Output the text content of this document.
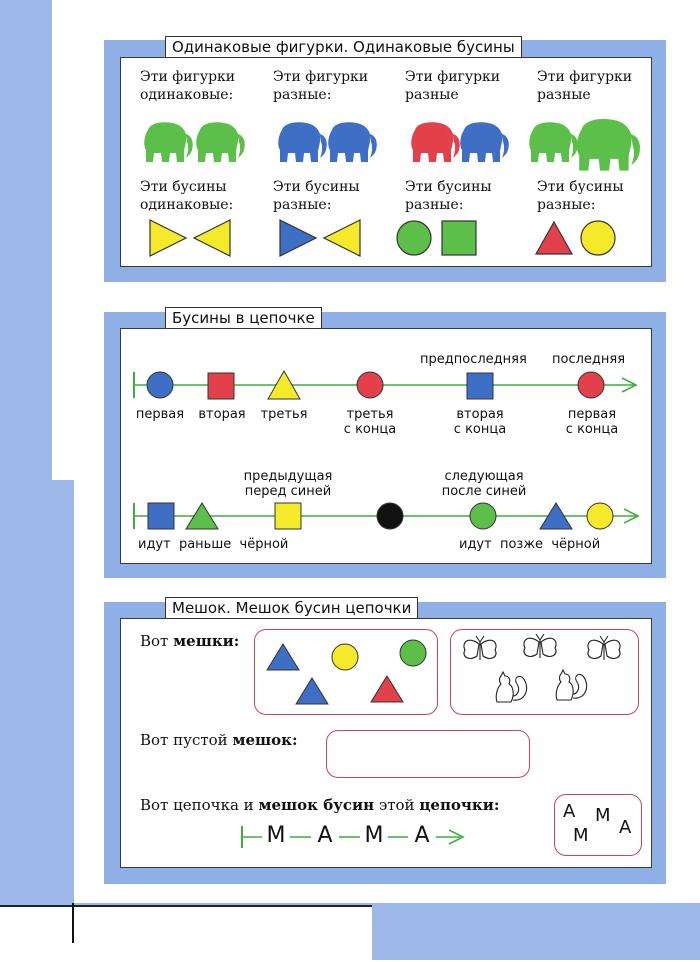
Одинаковые фигурки. Одинаковые бусины
Эти фигурки
одинаковые:
Эти фигурки
разные:
Эти фигурки
разные
Эти фигурки
разные
Эти бусины
одинаковые:
Эти бусины
разные:
Эти бусины
разные:
Эти бусины
разные:
Бусины в цепочке
предпоследняя последняя
первая	вторая	третья	третья
с конца
вторая
с конца
первая
с конца
предыдущая
перед синей
следующая
после синей
идут раньше чёрной	идут позже чёрной
Мешок. Мешок бусин цепочки
Вот мешки:
Вот пустой мешок:
Вот цепочка и мешок бусин этой цепочки:
М А М А
А М
А
М
